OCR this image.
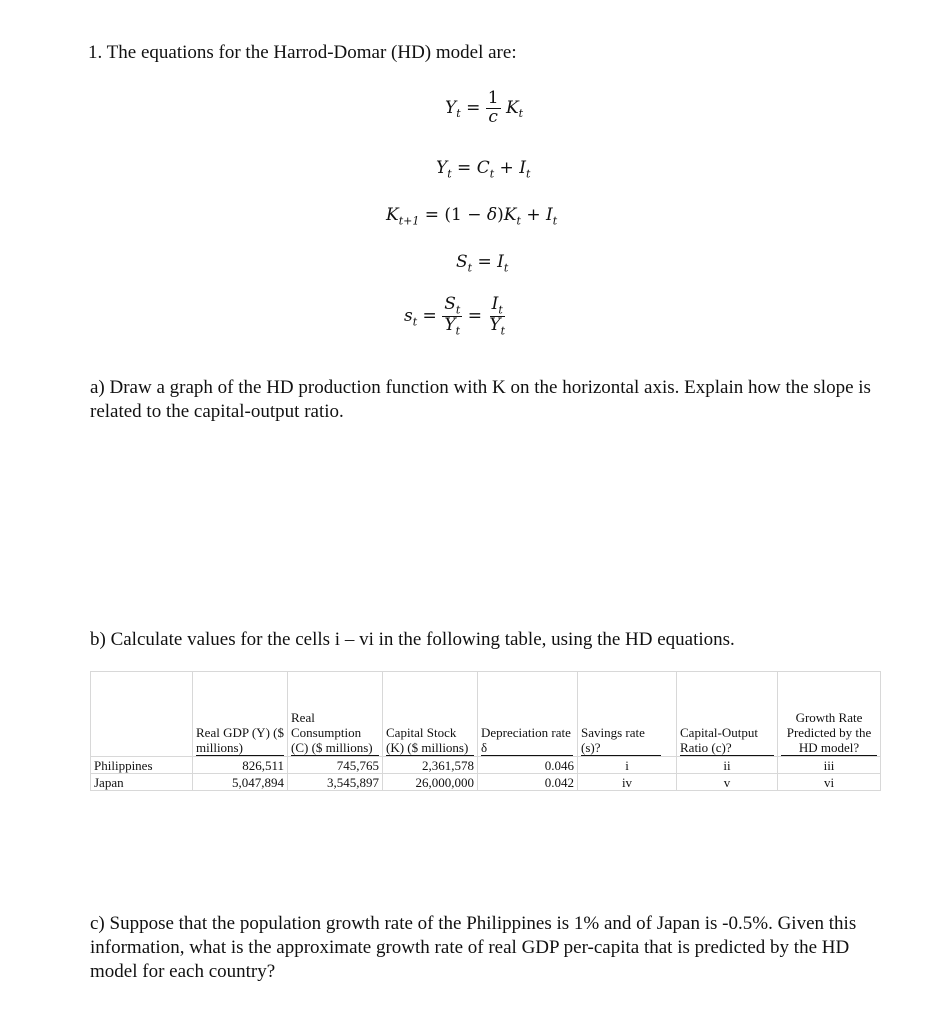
1. The equations for the Harrod-Domar (HD) model are:
$Y_t = \frac{1}{c} K_t$
$Y_t = C_t + I_t$
$K_{t+1} = (1 - \delta)K_t + I_t$
$S_t = I_t$
$s_t = \frac{S_t}{Y_t} = \frac{I_t}{Y_t}$
a) Draw a graph of the HD production function with K on the horizontal axis. Explain how the slope is related to the capital-output ratio.
b) Calculate values for the cells i – vi in the following table, using the HD equations.
	Real GDP (Y) ($ millions)	Real Consumption (C) ($ millions)	Capital Stock (K) ($ millions)	Depreciation rate δ	Savings rate (s)?	Capital-Output Ratio (c)?	Growth Rate Predicted by the HD model?
Philippines	826,511	745,765	2,361,578	0.046	i	ii	iii
Japan	5,047,894	3,545,897	26,000,000	0.042	iv	v	vi
c) Suppose that the population growth rate of the Philippines is 1% and of Japan is -0.5%. Given this information, what is the approximate growth rate of real GDP per-capita that is predicted by the HD model for each country?
